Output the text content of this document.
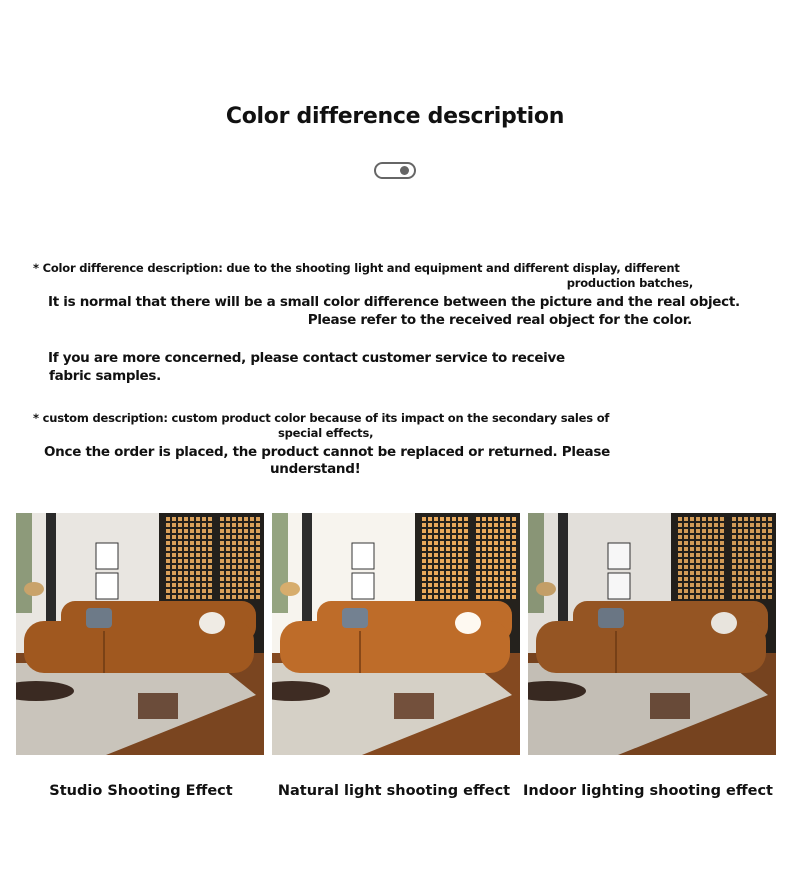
Color difference description
* Color difference description: due to the shooting light and equipment and different display, different
production batches,
It is normal that there will be a small color difference between the picture and the real object.
Please refer to the received real object for the color.
If you are more concerned, please contact customer service to receive
fabric samples.
* custom description: custom product color because of its impact on the secondary sales of
special effects,
Once the order is placed, the product cannot be replaced or returned. Please
understand!
Studio Shooting Effect	Natural light shooting effect Indoor lighting shooting effect
